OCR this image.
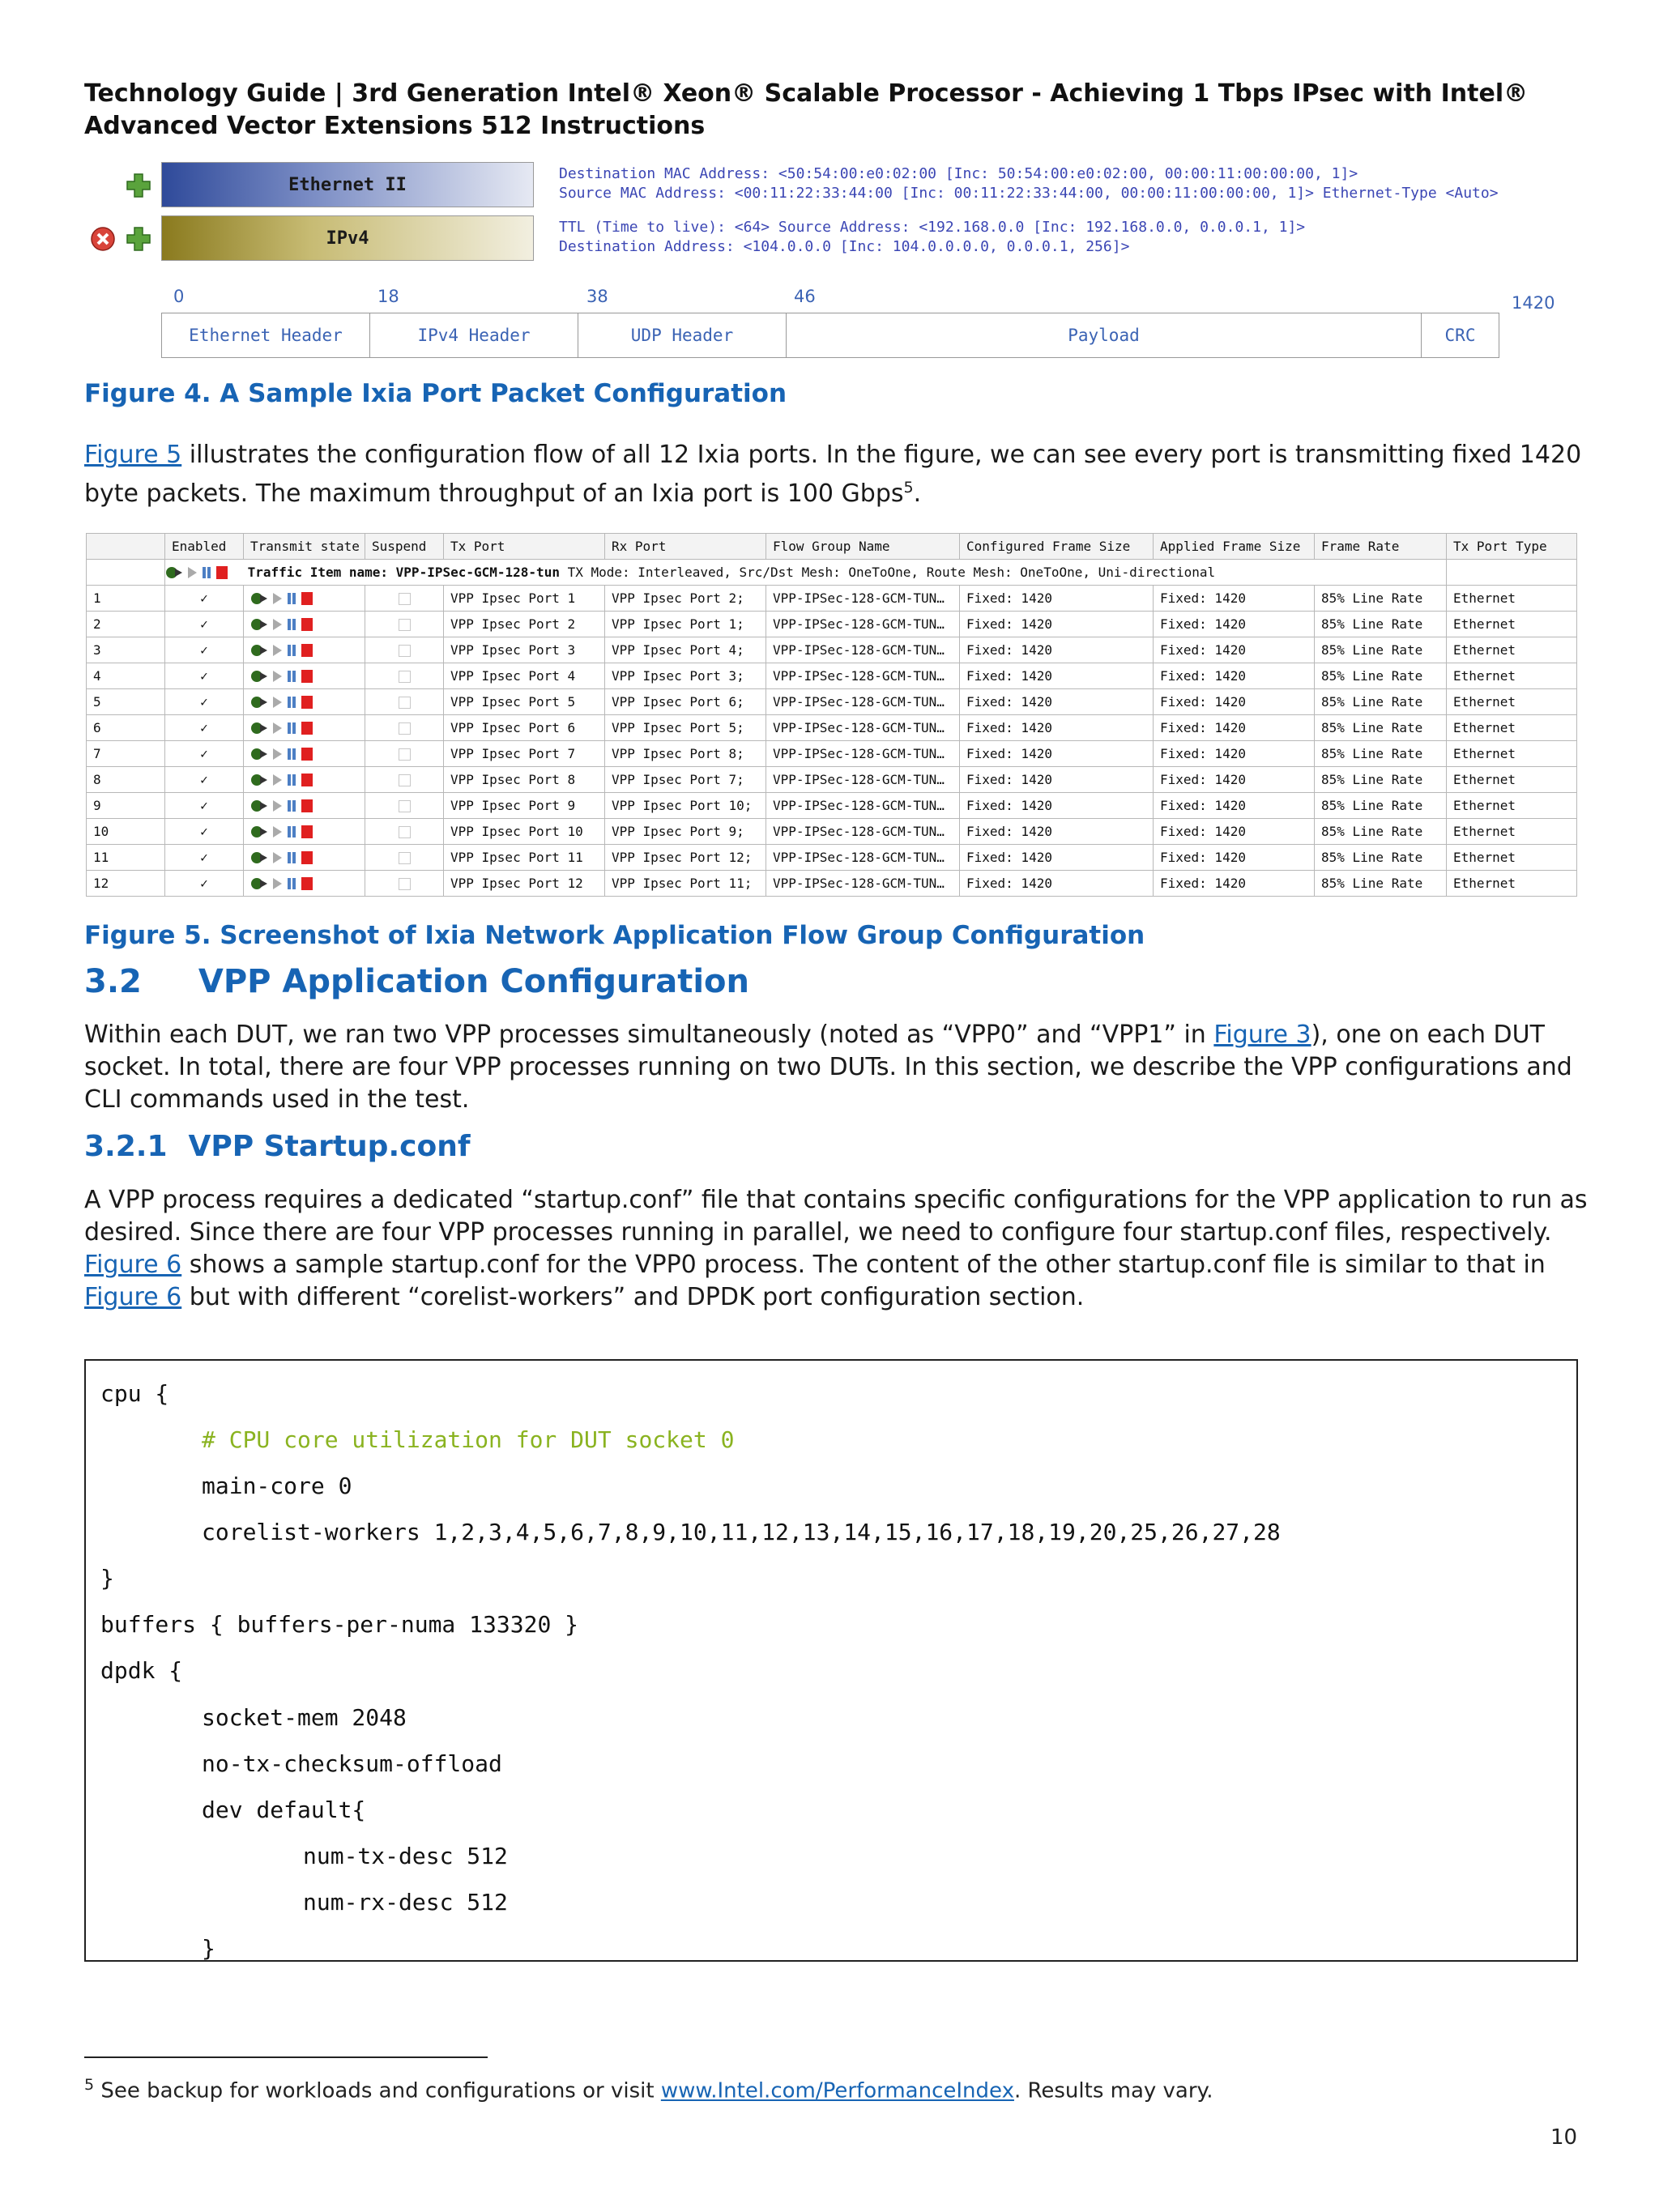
Technology Guide | 3rd Generation Intel® Xeon® Scalable Processor - Achieving 1 Tbps IPsec with Intel® Advanced Vector Extensions 512 Instructions
Ethernet II
IPv4
Destination MAC Address: <50:54:00:e0:02:00 [Inc: 50:54:00:e0:02:00, 00:00:11:00:00:00, 1]>
Source MAC Address: <00:11:22:33:44:00 [Inc: 00:11:22:33:44:00, 00:00:11:00:00:00, 1]> Ethernet-Type <Auto>
TTL (Time to live): <64> Source Address: <192.168.0.0 [Inc: 192.168.0.0, 0.0.0.1, 1]>
Destination Address: <104.0.0.0 [Inc: 104.0.0.0.0, 0.0.0.1, 256]>
0	18	38	46	1420
Ethernet Header	IPv4 Header	UDP Header	Payload	CRC
Figure 4. A Sample Ixia Port Packet Configuration
Figure 5 illustrates the configuration flow of all 12 Ixia ports. In the figure, we can see every port is transmitting fixed 1420 byte packets. The maximum throughput of an Ixia port is 100 Gbps$^5$.
	Enabled	Transmit state	Suspend	Tx Port	Rx Port	Flow Group Name	Configured Frame Size	Applied Frame Size	Frame Rate	Tx Port Type

Traffic Item name: VPP-IPSec-GCM-128-tun TX Mode: Interleaved, Src/Dst Mesh: OneToOne, Route Mesh: OneToOne, Uni-directional									
1	✓			VPP Ipsec Port 1	VPP Ipsec Port 2;	VPP-IPSec-128-GCM-TUN…	Fixed: 1420	Fixed: 1420	85% Line Rate	Ethernet
2	✓			VPP Ipsec Port 2	VPP Ipsec Port 1;	VPP-IPSec-128-GCM-TUN…	Fixed: 1420	Fixed: 1420	85% Line Rate	Ethernet
3	✓			VPP Ipsec Port 3	VPP Ipsec Port 4;	VPP-IPSec-128-GCM-TUN…	Fixed: 1420	Fixed: 1420	85% Line Rate	Ethernet
4	✓			VPP Ipsec Port 4	VPP Ipsec Port 3;	VPP-IPSec-128-GCM-TUN…	Fixed: 1420	Fixed: 1420	85% Line Rate	Ethernet
5	✓			VPP Ipsec Port 5	VPP Ipsec Port 6;	VPP-IPSec-128-GCM-TUN…	Fixed: 1420	Fixed: 1420	85% Line Rate	Ethernet
6	✓			VPP Ipsec Port 6	VPP Ipsec Port 5;	VPP-IPSec-128-GCM-TUN…	Fixed: 1420	Fixed: 1420	85% Line Rate	Ethernet
7	✓			VPP Ipsec Port 7	VPP Ipsec Port 8;	VPP-IPSec-128-GCM-TUN…	Fixed: 1420	Fixed: 1420	85% Line Rate	Ethernet
8	✓			VPP Ipsec Port 8	VPP Ipsec Port 7;	VPP-IPSec-128-GCM-TUN…	Fixed: 1420	Fixed: 1420	85% Line Rate	Ethernet
9	✓			VPP Ipsec Port 9	VPP Ipsec Port 10;	VPP-IPSec-128-GCM-TUN…	Fixed: 1420	Fixed: 1420	85% Line Rate	Ethernet
10	✓			VPP Ipsec Port 10	VPP Ipsec Port 9;	VPP-IPSec-128-GCM-TUN…	Fixed: 1420	Fixed: 1420	85% Line Rate	Ethernet
11	✓			VPP Ipsec Port 11	VPP Ipsec Port 12;	VPP-IPSec-128-GCM-TUN…	Fixed: 1420	Fixed: 1420	85% Line Rate	Ethernet
12	✓			VPP Ipsec Port 12	VPP Ipsec Port 11;	VPP-IPSec-128-GCM-TUN…	Fixed: 1420	Fixed: 1420	85% Line Rate	Ethernet
Figure 5. Screenshot of Ixia Network Application Flow Group Configuration
3.2 VPP Application Configuration
Within each DUT, we ran two VPP processes simultaneously (noted as “VPP0” and “VPP1” in Figure 3), one on each DUT socket. In total, there are four VPP processes running on two DUTs. In this section, we describe the VPP configurations and CLI commands used in the test.
3.2.1 VPP Startup.conf
A VPP process requires a dedicated “startup.conf” file that contains specific configurations for the VPP application to run as desired. Since there are four VPP processes running in parallel, we need to configure four startup.conf files, respectively. Figure 6 shows a sample startup.conf for the VPP0 process. The content of the other startup.conf file is similar to that in Figure 6 but with different “corelist-workers” and DPDK port configuration section.
cpu {
# CPU core utilization for DUT socket 0
main-core 0
corelist-workers 1,2,3,4,5,6,7,8,9,10,11,12,13,14,15,16,17,18,19,20,25,26,27,28
}
buffers { buffers-per-numa 133320 }
dpdk {
socket-mem 2048
no-tx-checksum-offload
dev default{
num-tx-desc 512
num-rx-desc 512
}
$^5$ See backup for workloads and configurations or visit www.Intel.com/PerformanceIndex. Results may vary.
10
